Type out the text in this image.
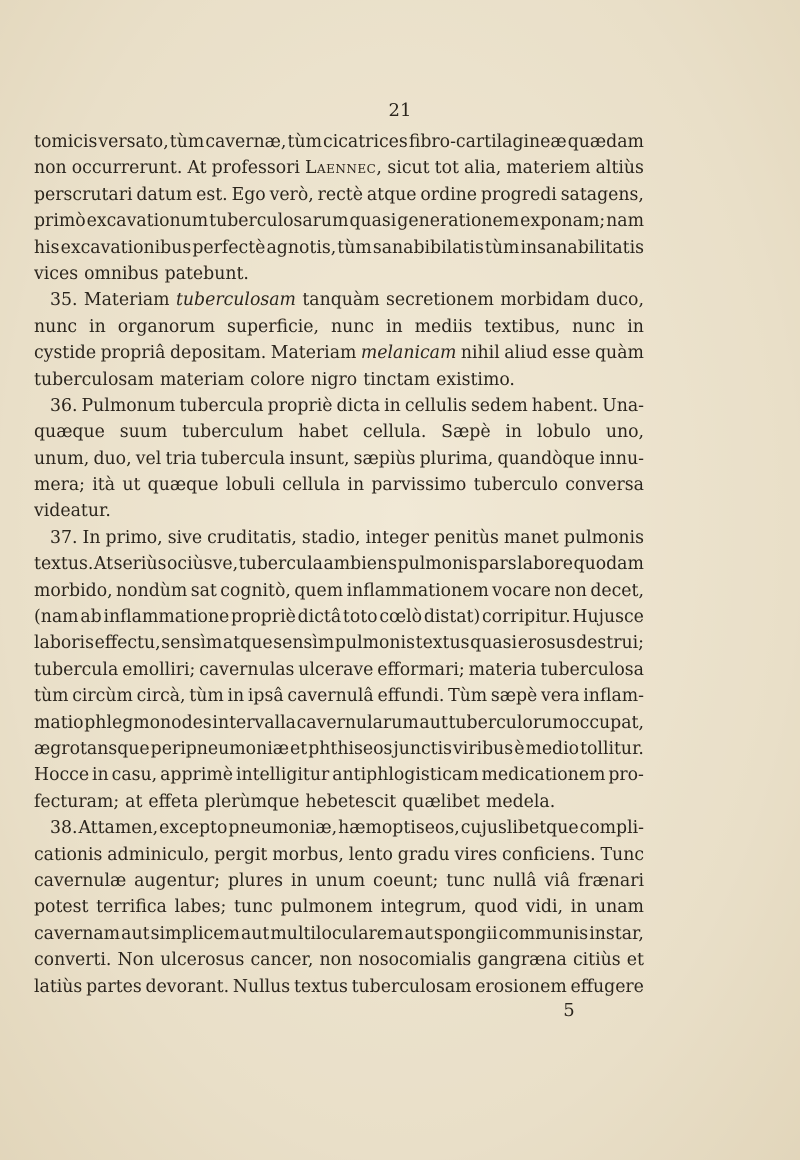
21
tomicis versato, tùm cavernæ, tùm cicatrices fibro-cartilagineæ quædam
non occurrerunt. At professori Laennec, sicut tot alia, materiem altiùs
perscrutari datum est. Ego verò, rectè atque ordine progredi satagens,
primò excavationum tuberculosarum quasi generationem exponam; nam
his excavationibus perfectè agnotis, tùm sanabibilatis tùm insanabilitatis
vices omnibus patebunt.
35. Materiam tuberculosam tanquàm secretionem morbidam duco,
nunc in organorum superficie, nunc in mediis textibus, nunc in
cystide propriâ depositam. Materiam melanicam nihil aliud esse quàm
tuberculosam materiam colore nigro tinctam existimo.
36. Pulmonum tubercula propriè dicta in cellulis sedem habent. Una-
quæque suum tuberculum habet cellula. Sæpè in lobulo uno,
unum, duo, vel tria tubercula insunt, sæpiùs plurima, quandòque innu-
mera; ità ut quæque lobuli cellula in parvissimo tuberculo conversa
videatur.
37. In primo, sive cruditatis, stadio, integer penitùs manet pulmonis
textus. At seriùs ociùsve, tubercula ambiens pulmonis pars labore quodam
morbido, nondùm sat cognitò, quem inflammationem vocare non decet,
(nam ab inflammatione propriè dictâ toto cœlò distat) corripitur. Hujusce
laboris effectu, sensìm atque sensìm pulmonis textus quasi erosus destrui;
tubercula emolliri; cavernulas ulcerave efformari; materia tuberculosa
tùm circùm circà, tùm in ipsâ cavernulâ effundi. Tùm sæpè vera inflam-
matio phlegmonodes intervalla cavernularum aut tuberculorum occupat,
ægrotansque peripneumoniæ et phthiseos junctis viribus è medio tollitur.
Hocce in casu, apprimè intelligitur antiphlogisticam medicationem pro-
fecturam; at effeta plerùmque hebetescit quælibet medela.
38. Attamen, excepto pneumoniæ, hæmoptiseos, cujuslibetque compli-
cationis adminiculo, pergit morbus, lento gradu vires conficiens. Tunc
cavernulæ augentur; plures in unum coeunt; tunc nullâ viâ frænari
potest terrifica labes; tunc pulmonem integrum, quod vidi, in unam
cavernam aut simplicem aut multilocularem aut spongii communis instar,
converti. Non ulcerosus cancer, non nosocomialis gangræna citiùs et
latiùs partes devorant. Nullus textus tuberculosam erosionem effugere
5
